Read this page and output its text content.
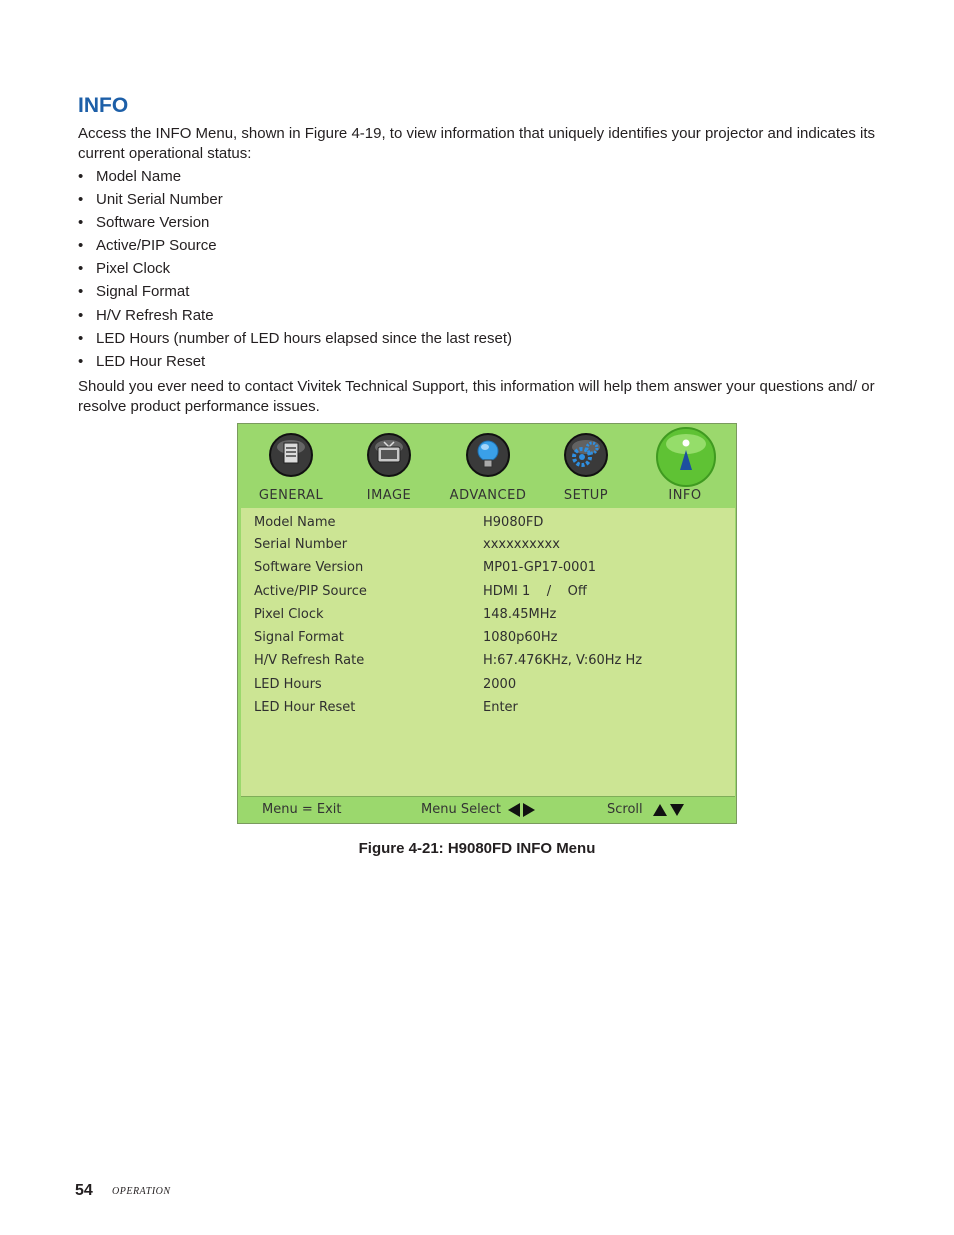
INFO

Access the INFO Menu, shown in Figure 4-19, to view information that uniquely identifies your projector and indicates its current operational status:

• Model Name
• Unit Serial Number
• Software Version
• Active/PIP Source
• Pixel Clock
• Signal Format
• H/V Refresh Rate
• LED Hours (number of LED hours elapsed since the last reset)
• LED Hour Reset

Should you ever need to contact Vivitek Technical Support, this information will help them answer your questions and/ or resolve product performance issues.

GENERAL	IMAGE	ADVANCED	SETUP	INFO
Model Name	H9080FD
Serial Number	xxxxxxxxxx
Software Version	MP01-GP17-0001
Active/PIP Source	HDMI 1    /    Off
Pixel Clock	148.45MHz
Signal Format	1080p60Hz
H/V Refresh Rate	H:67.476KHz, V:60Hz Hz
LED Hours	2000
LED Hour Reset	Enter
Menu = Exit	Menu Select	Scroll
Figure 4-21: H9080FD INFO Menu
54 OPERATION
